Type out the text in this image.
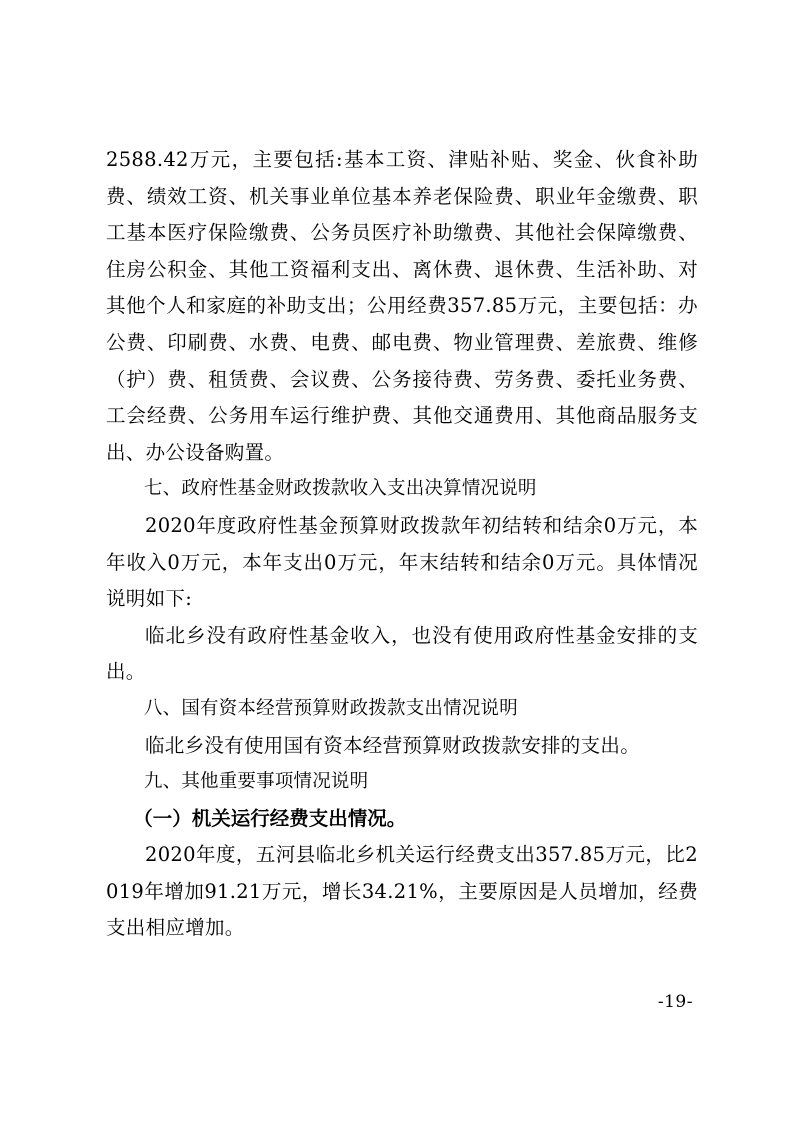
2588.42万元，主要包括:基本工资、津贴补贴、奖金、伙食补助费、绩效工资、机关事业单位基本养老保险费、职业年金缴费、职工基本医疗保险缴费、公务员医疗补助缴费、其他社会保障缴费、住房公积金、其他工资福利支出、离休费、退休费、生活补助、对其他个人和家庭的补助支出；公用经费357.85万元，主要包括：办公费、印刷费、水费、电费、邮电费、物业管理费、差旅费、维修（护）费、租赁费、会议费、公务接待费、劳务费、委托业务费、工会经费、公务用车运行维护费、其他交通费用、其他商品服务支出、办公设备购置。

七、政府性基金财政拨款收入支出决算情况说明

2020年度政府性基金预算财政拨款年初结转和结余0万元，本年收入0万元，本年支出0万元，年末结转和结余0万元。具体情况说明如下:

临北乡没有政府性基金收入，也没有使用政府性基金安排的支出。

八、国有资本经营预算财政拨款支出情况说明

临北乡没有使用国有资本经营预算财政拨款安排的支出。

九、其他重要事项情况说明

（一）机关运行经费支出情况。

2020年度，五河县临北乡机关运行经费支出357.85万元，比2019年增加91.21万元，增长34.21%，主要原因是人员增加，经费支出相应增加。

-19-
